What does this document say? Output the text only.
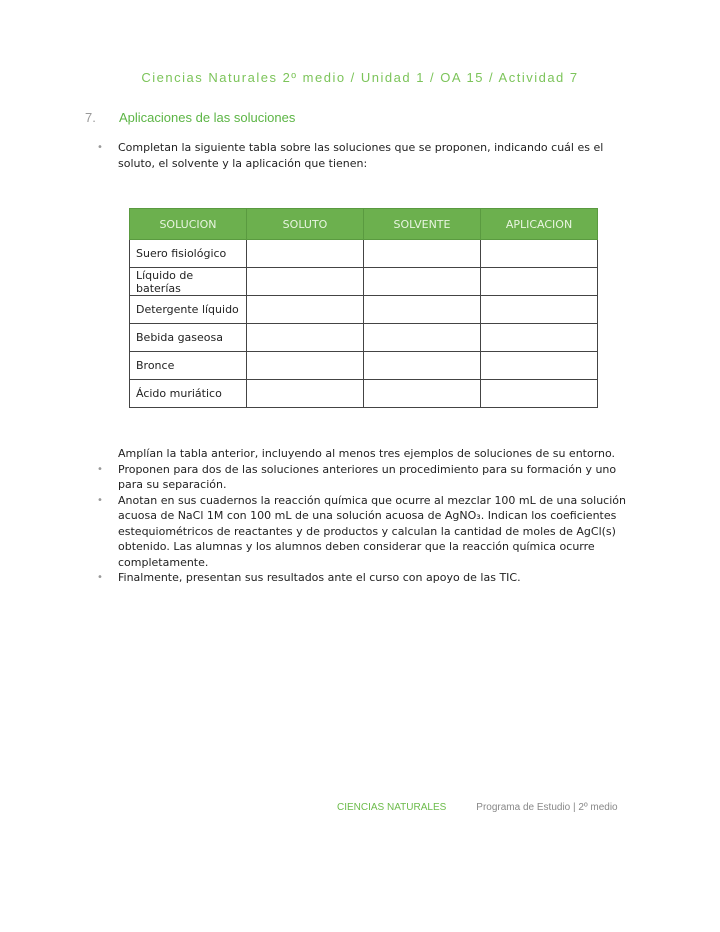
Ciencias Naturales 2º medio / Unidad 1 / OA 15 / Actividad 7
7. Aplicaciones de las soluciones
•	Completan la siguiente tabla sobre las soluciones que se proponen, indicando cuál es el soluto, el solvente y la aplicación que tienen:
SOLUCION	SOLUTO	SOLVENTE	APLICACION
Suero fisiológico			
Líquido de baterías			
Detergente líquido			
Bebida gaseosa			
Bronce			
Ácido muriático			
Amplían la tabla anterior, incluyendo al menos tres ejemplos de soluciones de su entorno.
•	Proponen para dos de las soluciones anteriores un procedimiento para su formación y uno para su separación.
•	Anotan en sus cuadernos la reacción química que ocurre al mezclar 100 mL de una solución acuosa de NaCl 1M con 100 mL de una solución acuosa de AgNO₃. Indican los coeficientes estequiométricos de reactantes y de productos y calculan la cantidad de moles de AgCl(s) obtenido. Las alumnas y los alumnos deben considerar que la reacción química ocurre completamente.
•	Finalmente, presentan sus resultados ante el curso con apoyo de las TIC.
CIENCIAS NATURALES	Programa de Estudio | 2º medio
